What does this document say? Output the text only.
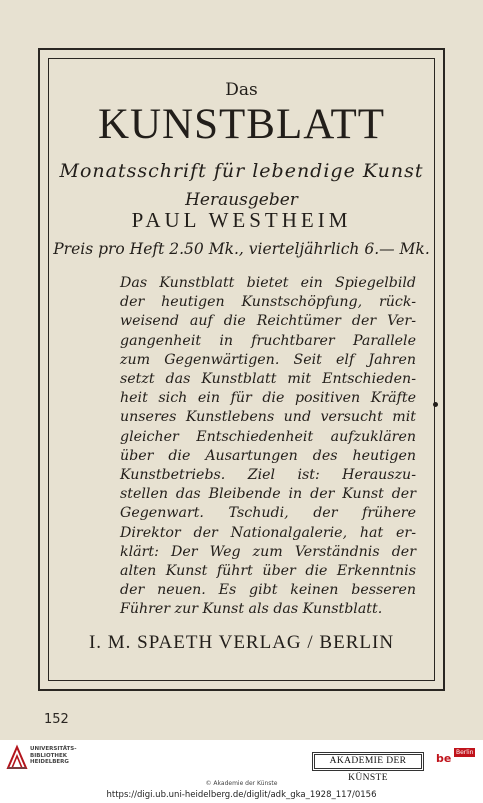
Das
KUNSTBLATT
Monatsschrift für lebendige Kunst
Herausgeber
PAUL WESTHEIM
Preis pro Heft 2.50 Mk., vierteljährlich 6.— Mk.
Das Kunstblatt bietet ein Spiegelbild
der heutigen Kunstschöpfung, rück-
weisend auf die Reichtümer der Ver-
gangenheit in fruchtbarer Parallele
zum Gegenwärtigen. Seit elf Jahren
setzt das Kunstblatt mit Entschieden-
heit sich ein für die positiven Kräfte
unseres Kunstlebens und versucht mit
gleicher Entschiedenheit aufzuklären
über die Ausartungen des heutigen
Kunstbetriebs. Ziel ist: Herauszu-
stellen das Bleibende in der Kunst der
Gegenwart. Tschudi, der frühere
Direktor der Nationalgalerie, hat er-
klärt: Der Weg zum Verständnis der
alten Kunst führt über die Erkenntnis
der neuen. Es gibt keinen besseren
Führer zur Kunst als das Kunstblatt.
I. M. SPAETH VERLAG / BERLIN
152
UNIVERSITÄTS-
BIBLIOTHEK
HEIDELBERG	AKADEMIE DER KÜNSTE
be Berlin
© Akademie der Künste
https://digi.ub.uni-heidelberg.de/diglit/adk_gka_1928_117/0156
